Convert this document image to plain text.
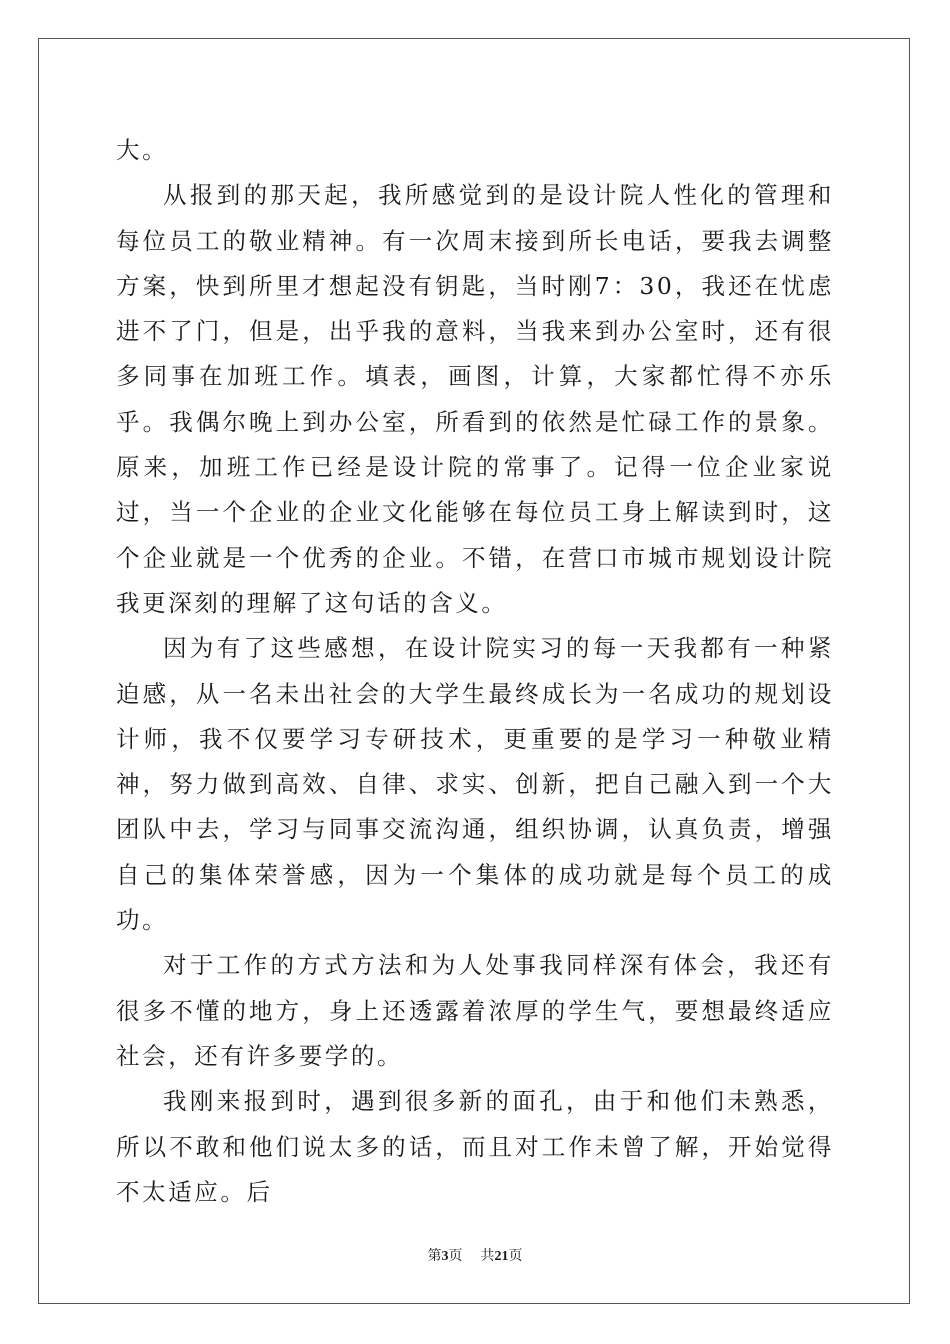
大。

从报到的那天起，我所感觉到的是设计院人性化的管理和每位员工的敬业精神。有一次周末接到所长电话，要我去调整方案，快到所里才想起没有钥匙，当时刚7：30，我还在忧虑进不了门，但是，出乎我的意料，当我来到办公室时，还有很多同事在加班工作。填表，画图，计算，大家都忙得不亦乐乎。我偶尔晚上到办公室，所看到的依然是忙碌工作的景象。原来，加班工作已经是设计院的常事了。记得一位企业家说过，当一个企业的企业文化能够在每位员工身上解读到时，这个企业就是一个优秀的企业。不错，在营口市城市规划设计院我更深刻的理解了这句话的含义。

因为有了这些感想，在设计院实习的每一天我都有一种紧迫感，从一名未出社会的大学生最终成长为一名成功的规划设计师，我不仅要学习专研技术，更重要的是学习一种敬业精神，努力做到高效、自律、求实、创新，把自己融入到一个大团队中去，学习与同事交流沟通，组织协调，认真负责，增强自己的集体荣誉感，因为一个集体的成功就是每个员工的成功。

对于工作的方式方法和为人处事我同样深有体会，我还有很多不懂的地方，身上还透露着浓厚的学生气，要想最终适应社会，还有许多要学的。

我刚来报到时，遇到很多新的面孔，由于和他们未熟悉，所以不敢和他们说太多的话，而且对工作未曾了解，开始觉得不太适应。后

第3页 共21页
